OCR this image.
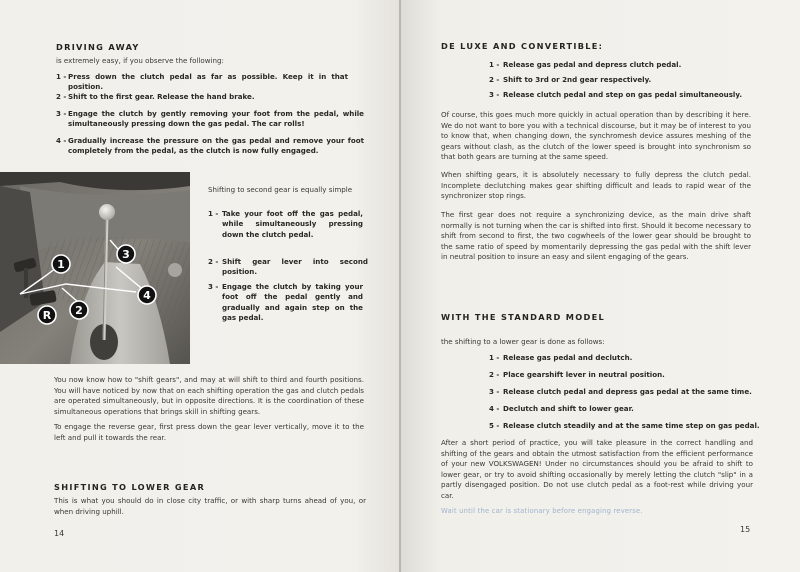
DRIVING AWAY
is extremely easy, if you observe the following:
1 - Press down the clutch pedal as far as possible. Keep it in that position.
2 - Shift to the first gear. Release the hand brake.
3 - Engage the clutch by gently removing your foot from the pedal, while simultaneously pressing down the gas pedal. The car rolls!
4 - Gradually increase the pressure on the gas pedal and remove your foot completely from the pedal, as the clutch is now fully engaged.
1
2
3
4
R
Shifting to second gear is equally simple
1 - Take your foot off the gas pedal, while simultaneously pressing down the clutch pedal.
2 - Shift gear lever into second position.
3 - Engage the clutch by taking your foot off the pedal gently and gradually and again step on the gas pedal.
You now know how to "shift gears", and may at will shift to third and fourth positions. You will have noticed by now that on each shifting operation the gas and clutch pedals are operated simultaneously, but in opposite directions. It is the coordination of these simultaneous operations that brings skill in shifting gears.
To engage the reverse gear, first press down the gear lever vertically, move it to the left and pull it towards the rear.
SHIFTING TO LOWER GEAR
This is what you should do in close city traffic, or with sharp turns ahead of you, or when driving uphill.
14
DE LUXE AND CONVERTIBLE:
1 - Release gas pedal and depress clutch pedal.
2 - Shift to 3rd or 2nd gear respectively.
3 - Release clutch pedal and step on gas pedal simultaneously.
Of course, this goes much more quickly in actual operation than by describing it here. We do not want to bore you with a technical discourse, but it may be of interest to you to know that, when changing down, the synchromesh device assures meshing of the gears without clash, as the clutch of the lower speed is brought into synchronism so that both gears are turning at the same speed.
When shifting gears, it is absolutely necessary to fully depress the clutch pedal. Incomplete declutching makes gear shifting difficult and leads to rapid wear of the synchronizer stop rings.
The first gear does not require a synchronizing device, as the main drive shaft normally is not turning when the car is shifted into first. Should it become necessary to shift from second to first, the two cogwheels of the lower gear should be brought to the same ratio of speed by momentarily depressing the gas pedal with the shift lever in neutral position to insure an easy and silent engaging of the gears.
WITH THE STANDARD MODEL
the shifting to a lower gear is done as follows:
1 - Release gas pedal and declutch.
2 - Place gearshift lever in neutral position.
3 - Release clutch pedal and depress gas pedal at the same time.
4 - Declutch and shift to lower gear.
5 - Release clutch steadily and at the same time step on gas pedal.
After a short period of practice, you will take pleasure in the correct handling and shifting of the gears and obtain the utmost satisfaction from the efficient performance of your new VOLKSWAGEN! Under no circumstances should you be afraid to shift to lower gear, or try to avoid shifting occasionally by merely letting the clutch "slip" in a partly disengaged position. Do not use clutch pedal as a foot-rest while driving your car.
Wait until the car is stationary before engaging reverse.
15
